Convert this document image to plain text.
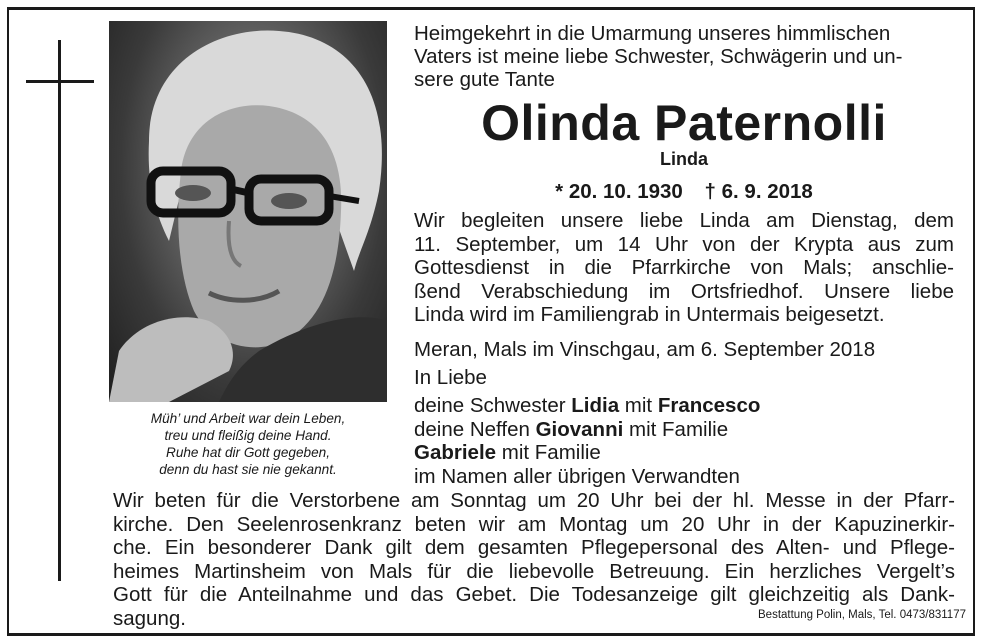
Müh’ und Arbeit war dein Leben,
treu und fleißig deine Hand.
Ruhe hat dir Gott gegeben,
denn du hast sie nie gekannt.
Heimgekehrt in die Umarmung unseres himmlischen
Vaters ist meine liebe Schwester, Schwägerin und un-
sere gute Tante
Olinda Paternolli
Linda
* 20. 10. 1930 † 6. 9. 2018
Wir begleiten unsere liebe Linda am Dienstag, dem
11. September, um 14 Uhr von der Krypta aus zum
Gottesdienst in die Pfarrkirche von Mals; anschlie-
ßend Verabschiedung im Ortsfriedhof. Unsere liebe
Linda wird im Familiengrab in Untermais beigesetzt.
Meran, Mals im Vinschgau, am 6. September 2018
In Liebe
deine Schwester Lidia mit Francesco
deine Neffen Giovanni mit Familie
Gabriele mit Familie
im Namen aller übrigen Verwandten
Wir beten für die Verstorbene am Sonntag um 20 Uhr bei der hl. Messe in der Pfarr-
kirche. Den Seelenrosenkranz beten wir am Montag um 20 Uhr in der Kapuzinerkir-
che. Ein besonderer Dank gilt dem gesamten Pflegepersonal des Alten- und Pflege-
heimes Martinsheim von Mals für die liebevolle Betreuung. Ein herzliches Vergelt’s
Gott für die Anteilnahme und das Gebet. Die Todesanzeige gilt gleichzeitig als Dank-
sagung.	Bestattung Polin, Mals, Tel. 0473/831177
